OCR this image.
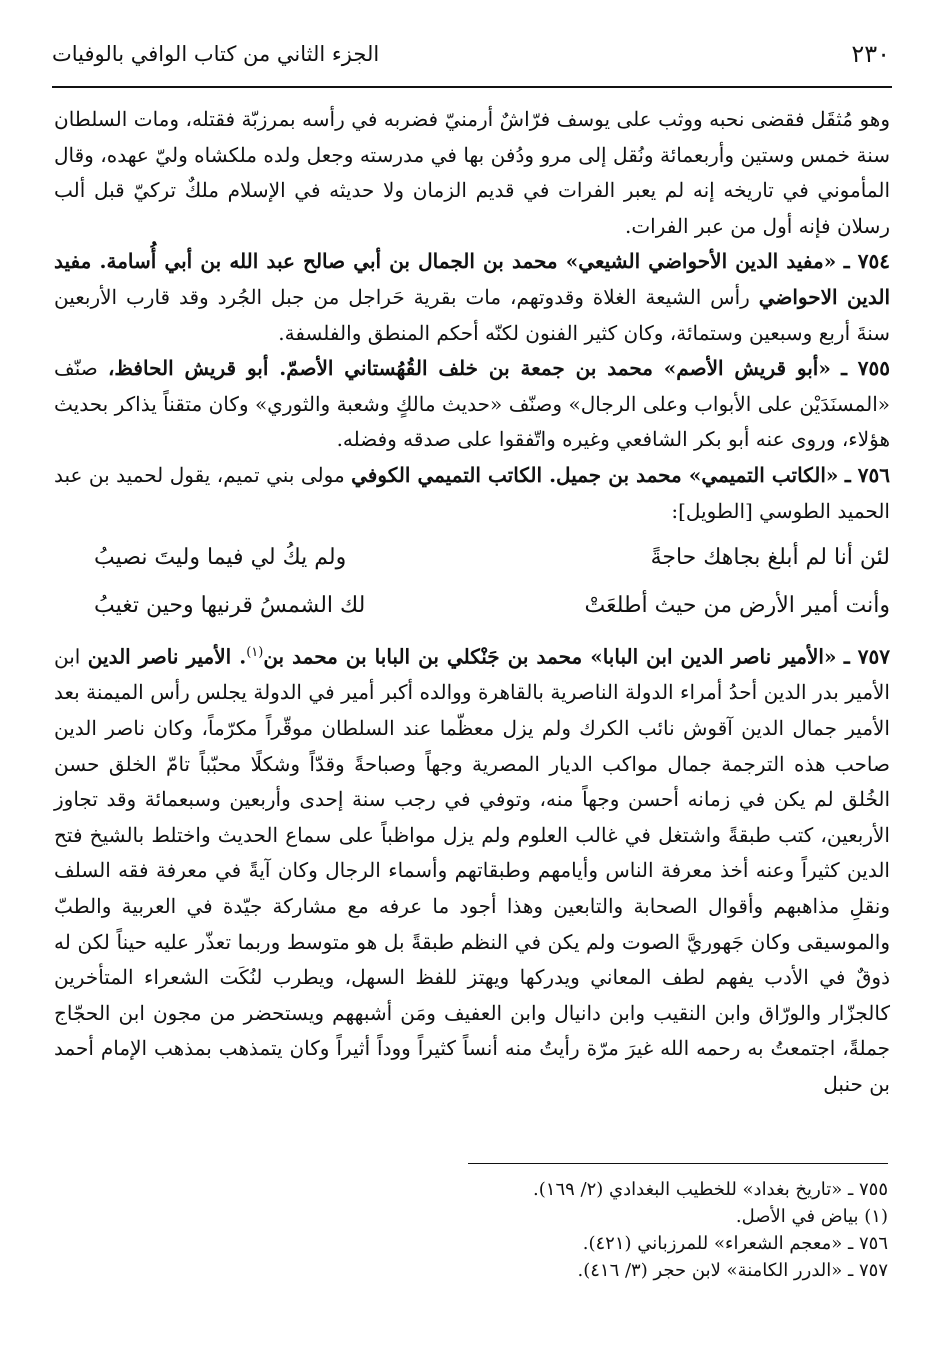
٢٣٠
الجزء الثاني من كتاب الوافي بالوفيات

وهو مُثقَل فقضى نحبه ووثب على يوسف فرّاشٌ أرمنيّ فضربه في رأسه بمرزبّة فقتله، ومات السلطان سنة خمس وستين وأربعمائة ونُقل إلى مرو ودُفن بها في مدرسته وجعل ولده ملكشاه وليّ عهده، وقال المأموني في تاريخه إنه لم يعبر الفرات في قديم الزمان ولا حديثه في الإسلام ملكٌ تركيّ قبل ألب رسلان فإنه أول من عبر الفرات.

٧٥٤ ـ «مفيد الدين الأحواضي الشيعي» محمد بن الجمال بن أبي صالح عبد الله بن أبي أُسامة. مفيد الدين الاحواضي رأس الشيعة الغلاة وقدوتهم، مات بقرية حَراجل من جبل الجُرد وقد قارب الأربعين سنةَ أربع وسبعين وستمائة، وكان كثير الفنون لكنّه أحكم المنطق والفلسفة.

٧٥٥ ـ «أبو قريش الأصم» محمد بن جمعة بن خلف القُهُستاني الأصمّ. أبو قريش الحافظ، صنّف «المسنَدَيْن على الأبواب وعلى الرجال» وصنّف «حديث مالكٍ وشعبة والثوري» وكان متقناً يذاكر بحديث هؤلاء، وروى عنه أبو بكر الشافعي وغيره واتّفقوا على صدقه وفضله.

٧٥٦ ـ «الكاتب التميمي» محمد بن جميل. الكاتب التميمي الكوفي مولى بني تميم، يقول لحميد بن عبد الحميد الطوسي [الطويل]:

لئن أنا لم أبلغ بجاهك حاجةً
ولم يكُ لي فيما وليتَ نصيبُ
وأنت أمير الأرض من حيث أطلعَتْ
لك الشمسُ قرنيها وحين تغيبُ

٧٥٧ ـ «الأمير ناصر الدين ابن البابا» محمد بن جَنْكلي بن البابا بن محمد بن$^{(١)}$. الأمير ناصر الدين ابن الأمير بدر الدين أحدُ أمراء الدولة الناصرية بالقاهرة ووالده أكبر أمير في الدولة يجلس رأس الميمنة بعد الأمير جمال الدين آقوش نائب الكرك ولم يزل معظّما عند السلطان موقّراً مكرّماً، وكان ناصر الدين صاحب هذه الترجمة جمال مواكب الديار المصرية وجهاً وصباحةً وقدّاً وشكلًا محبّباً تامّ الخلق حسن الخُلق لم يكن في زمانه أحسن وجهاً منه، وتوفي في رجب سنة إحدى وأربعين وسبعمائة وقد تجاوز الأربعين، كتب طبقةً واشتغل في غالب العلوم ولم يزل مواظباً على سماع الحديث واختلط بالشيخ فتح الدين كثيراً وعنه أخذ معرفة الناس وأيامهم وطبقاتهم وأسماء الرجال وكان آيةً في معرفة فقه السلف ونقلِ مذاهبهم وأقوال الصحابة والتابعين وهذا أجود ما عرفه مع مشاركة جيّدة في العربية والطبّ والموسيقى وكان جَهوريَّ الصوت ولم يكن في النظم طبقةً بل هو متوسط وربما تعذّر عليه حيناً لكن له ذوقٌ في الأدب يفهم لطف المعاني ويدركها ويهتز للفظ السهل، ويطرب لنُكَت الشعراء المتأخرين كالجزّار والورّاق وابن النقيب وابن دانيال وابن العفيف ومَن أشبههم ويستحضر من مجون ابن الحجّاج جملةً، اجتمعتُ به رحمه الله غيرَ مرّة رأيتُ منه أنساً كثيراً ووداً أثيراً وكان يتمذهب بمذهب الإمام أحمد بن حنبل

٧٥٥ ـ «تاريخ بغداد» للخطيب البغدادي (٢/ ١٦٩).

(١) بياض في الأصل.

٧٥٦ ـ «معجم الشعراء» للمرزباني (٤٢١).

٧٥٧ ـ «الدرر الكامنة» لابن حجر (٣/ ٤١٦).
